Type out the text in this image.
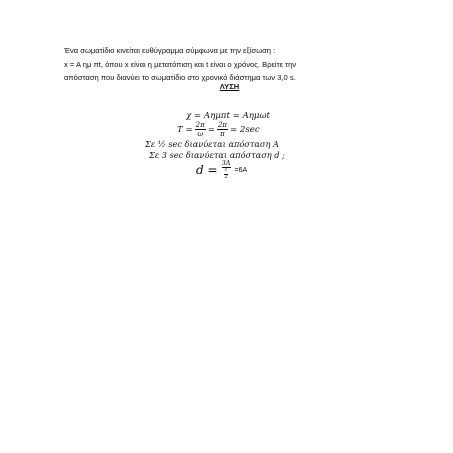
Ένα σωματίδιο κινείται ευθύγραμμα σύμφωνα με την εξίσωση :
x = A ημ πt, όπου x είναι η μετατόπιση και t είναι ο χρόνος. Βρείτε την
απόσταση που διανύει το σωματίδιο στο χρονικό διάστημα των 3,0 s.
ΛΥΣΗ
χ = Aημπt = Aημωt
$T = \frac{2\pi}{\omega} = \frac{2\pi}{\pi} = 2\sec$
Σε ½ sec διανύεται απόσταση A
Σε 3 sec διανύεται απόσταση d ;
$d = \frac{3A}{\frac{1}{2}} =6A$
